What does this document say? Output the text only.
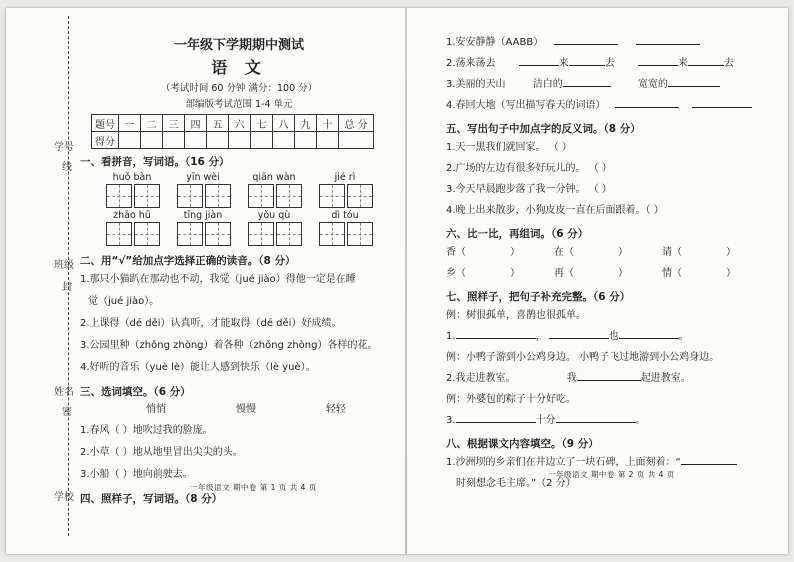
学号
线
班级
封
姓名
密
学校
一年级下学期期中测试
语 文
（考试时间 60 分钟 满分：100 分）
部编版考试范围 1-4 单元
题号	一	二	三	四	五	六	七	八	九	十	总 分
得分											
一、看拼音，写词语。（16 分）
huǒ bàn	yīn wèi	qiān wàn	jié rì
zhāo hū	tīng jiàn	yǒu qù	dì tóu
二、用“√”给加点字选择正确的读音。（8 分）
1.那只小猫趴在那动也不动，我觉（jué jiào）得他一定是在睡
觉（jué jiào）。
2.上课得（dé děi）认真听，才能取得（dé děi）好成绩。
3.公园里种（zhǒng zhòng）着各种（zhǒng zhòng）各样的花。
4.好听的音乐（yuè lè）能让人感到快乐（lè yuè）。
三、选词填空。（6 分）
悄悄	慢慢	轻轻
1.春风（ ）地吹过我的脸庞。
2.小草（ ）地从地里冒出尖尖的头。
3.小船（ ）地向前驶去。
四、照样子，写词语。（8 分）
一年级语文 期中卷 第 1 页 共 4 页
1.安安静静（AABB）
2.荡来荡去	来	去	来	去
3.美丽的天山	洁白的	宽宽的
4.春回大地（写出描写春天的词语）
五、写出句子中加点字的反义词。（8 分）
1.天一黑我们就回家。 （ ）
2.广场的左边有很多好玩儿的。 （ ）
3.今天早晨跑步落了我一分钟。 （ ）
4.晚上出来散步，小狗皮皮一直在后面跟着。（ ）
六、比一比，再组词。（6 分）
香（	）	在（	）	请（	）
乡（	）	再（	）	情（	）
七、照样子，把句子补充完整。（6 分）
例：树很孤单，喜鹊也很孤单。
1.	，	也	。
例：小鸭子游到小公鸡身边。 小鸭子飞过地游到小公鸡身边。
2.我走进教室。	我	起进教室。
例：外婆包的粽子十分好吃。
3.	十分	。
八、根据课文内容填空。（9 分）
1.沙洲坝的乡亲们在井边立了一块石碑，上面刻着：“
时刻想念毛主席。”（2 分）
一年级语文 期中卷 第 2 页 共 4 页
